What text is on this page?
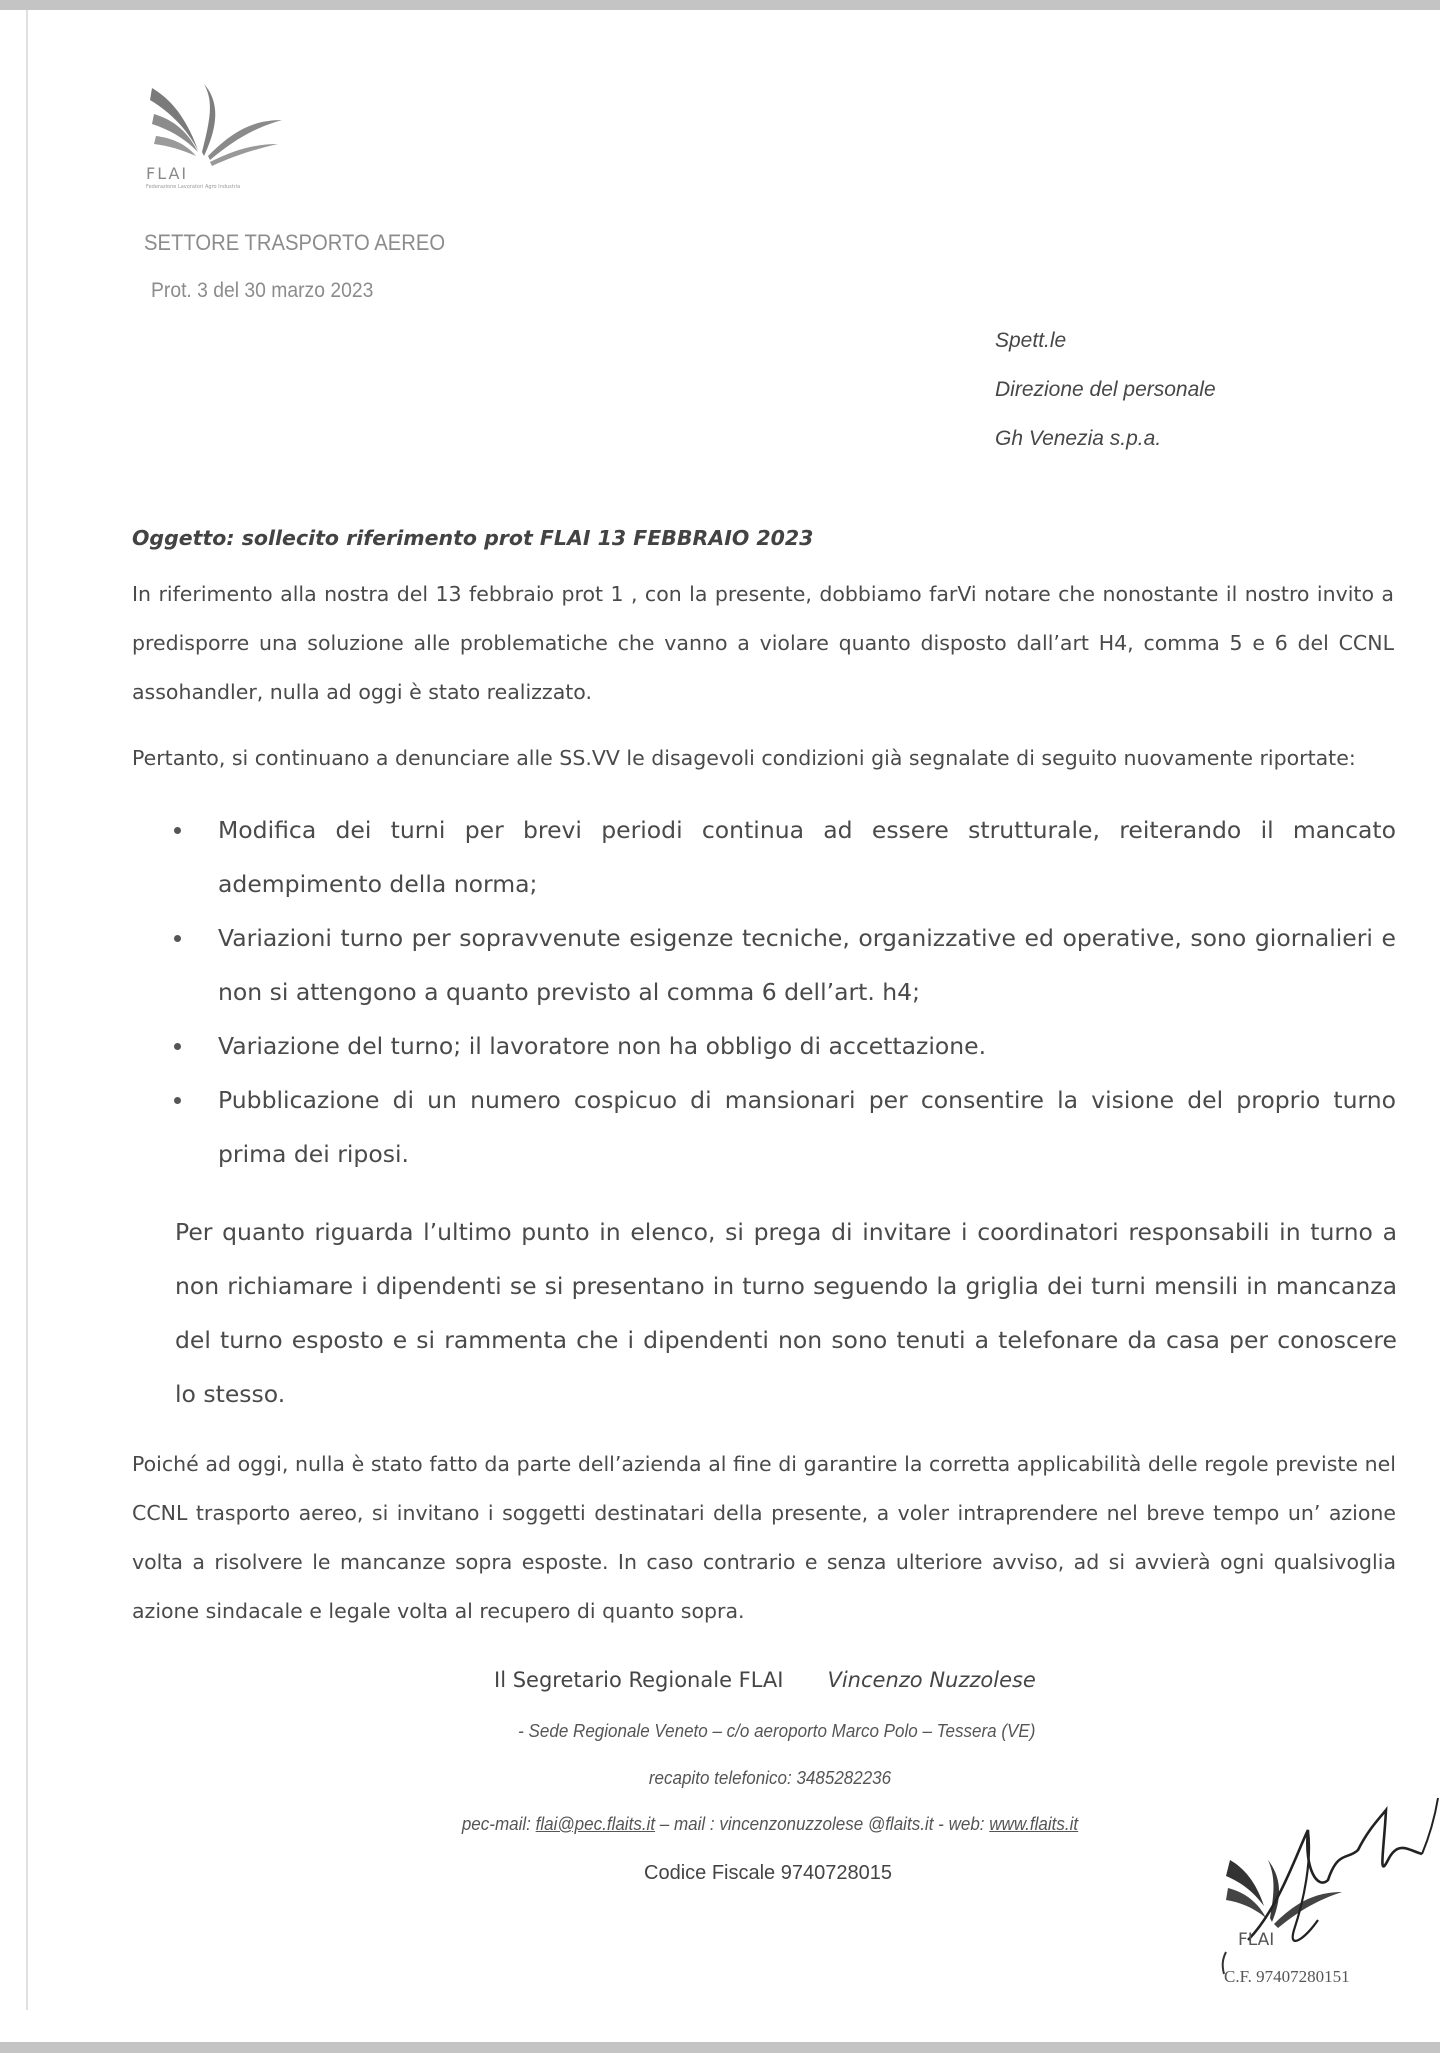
FLAI
Federazione Lavoratori Agro Industria
SETTORE TRASPORTO AEREO
Prot. 3 del 30 marzo 2023
Spett.le
Direzione del personale
Gh Venezia s.p.a.
Oggetto: sollecito riferimento prot FLAI 13 FEBBRAIO 2023

In riferimento alla nostra del 13 febbraio prot 1 , con la presente, dobbiamo farVi notare che nonostante il nostro invito a predisporre una soluzione alle problematiche che vanno a violare quanto disposto dall’art H4, comma 5 e 6 del CCNL assohandler, nulla ad oggi è stato realizzato.

Pertanto, si continuano a denunciare alle SS.VV le disagevoli condizioni già segnalate di seguito nuovamente riportate:

Modifica dei turni per brevi periodi continua ad essere strutturale, reiterando il mancato adempimento della norma;
Variazioni turno per sopravvenute esigenze tecniche, organizzative ed operative, sono giornalieri e non si attengono a quanto previsto al comma 6 dell’art. h4;
Variazione del turno; il lavoratore non ha obbligo di accettazione.
Pubblicazione di un numero cospicuo di mansionari per consentire la visione del proprio turno prima dei riposi.

Per quanto riguarda l’ultimo punto in elenco, si prega di invitare i coordinatori responsabili in turno a non richiamare i dipendenti se si presentano in turno seguendo la griglia dei turni mensili in mancanza del turno esposto e si rammenta che i dipendenti non sono tenuti a telefonare da casa per conoscere lo stesso.

Poiché ad oggi, nulla è stato fatto da parte dell’azienda al fine di garantire la corretta applicabilità delle regole previste nel CCNL trasporto aereo, si invitano i soggetti destinatari della presente, a voler intraprendere nel breve tempo un’ azione volta a risolvere le mancanze sopra esposte. In caso contrario e senza ulteriore avviso, ad si avvierà ogni qualsivoglia azione sindacale e legale volta al recupero di quanto sopra.

Il Segretario Regionale FLAI Vincenzo Nuzzolese
- Sede Regionale Veneto – c/o aeroporto Marco Polo – Tessera (VE)
recapito telefonico: 3485282236
pec-mail: flai@pec.flaits.it – mail : vincenzonuzzolese @flaits.it - web: www.flaits.it
Codice Fiscale 9740728015
FLAI
C.F. 97407280151
